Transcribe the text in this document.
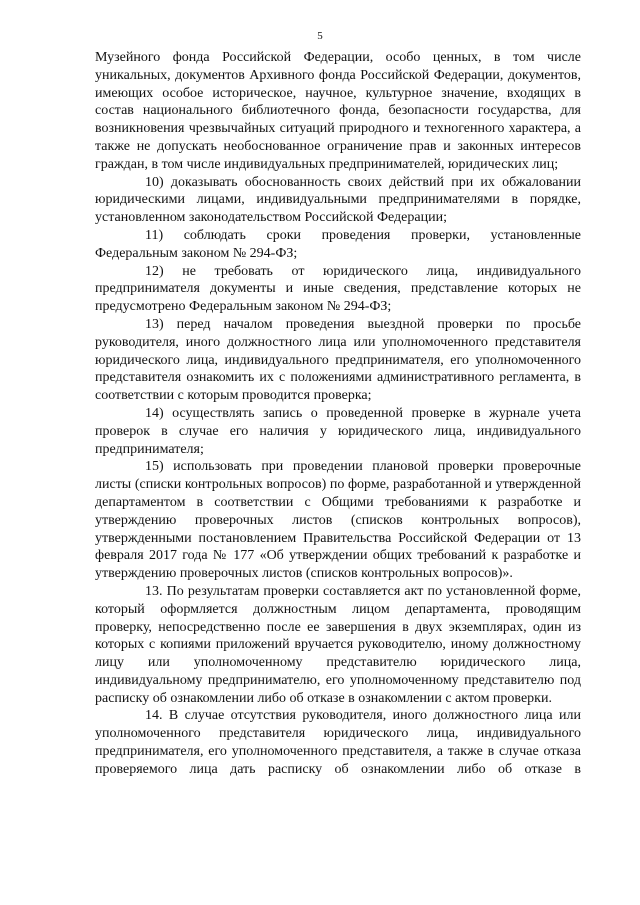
5

Музейного фонда Российской Федерации, особо ценных, в том числе уникальных, документов Архивного фонда Российской Федерации, документов, имеющих особое историческое, научное, культурное значение, входящих в состав национального библиотечного фонда, безопасности государства, для возникновения чрезвычайных ситуаций природного и техногенного характера, а также не допускать необоснованное ограничение прав и законных интересов граждан, в том числе индивидуальных предпринимателей, юридических лиц;

10) доказывать обоснованность своих действий при их обжаловании юридическими лицами, индивидуальными предпринимателями в порядке, установленном законодательством Российской Федерации;

11) соблюдать сроки проведения проверки, установленные Федеральным законом № 294-ФЗ;

12) не требовать от юридического лица, индивидуального предпринимателя документы и иные сведения, представление которых не предусмотрено Федеральным законом № 294-ФЗ;

13) перед началом проведения выездной проверки по просьбе руководителя, иного должностного лица или уполномоченного представителя юридического лица, индивидуального предпринимателя, его уполномоченного представителя ознакомить их с положениями административного регламента, в соответствии с которым проводится проверка;

14) осуществлять запись о проведенной проверке в журнале учета проверок в случае его наличия у юридического лица, индивидуального предпринимателя;

15) использовать при проведении плановой проверки проверочные листы (списки контрольных вопросов) по форме, разработанной и утвержденной департаментом в соответствии с Общими требованиями к разработке и утверждению проверочных листов (списков контрольных вопросов), утвержденными постановлением Правительства Российской Федерации от 13 февраля 2017 года № 177 «Об утверждении общих требований к разработке и утверждению проверочных листов (списков контрольных вопросов)».

13. По результатам проверки составляется акт по установленной форме, который оформляется должностным лицом департамента, проводящим проверку, непосредственно после ее завершения в двух экземплярах, один из которых с копиями приложений вручается руководителю, иному должностному лицу или уполномоченному представителю юридического лица, индивидуальному предпринимателю, его уполномоченному представителю под расписку об ознакомлении либо об отказе в ознакомлении с актом проверки.

14. В случае отсутствия руководителя, иного должностного лица или уполномоченного представителя юридического лица, индивидуального предпринимателя, его уполномоченного представителя, а также в случае отказа проверяемого лица дать расписку об ознакомлении либо об отказе в
